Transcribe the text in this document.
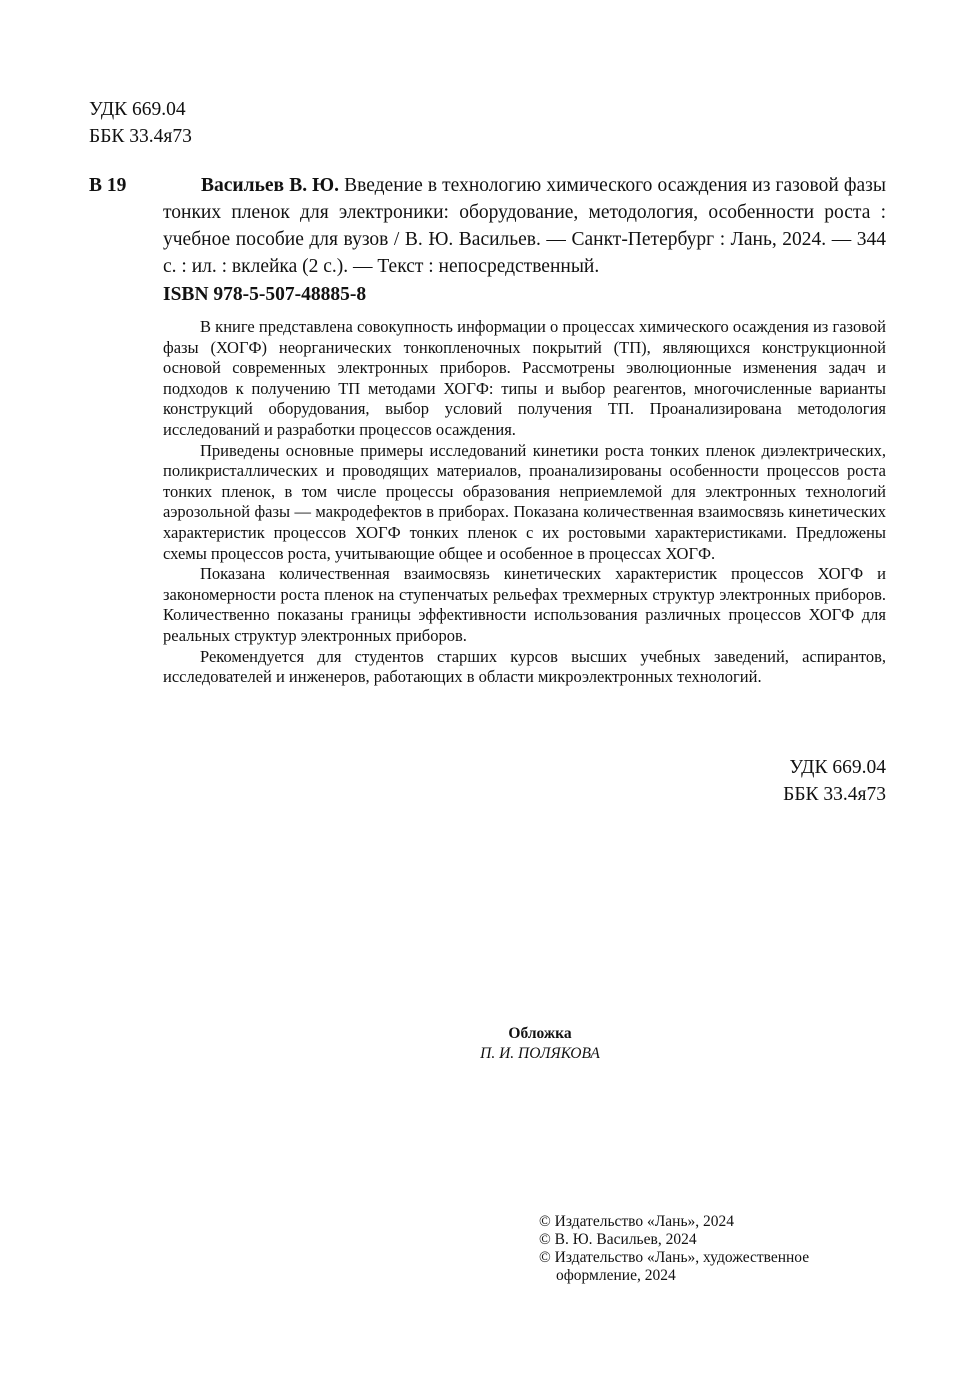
УДК 669.04
ББК 33.4я73
В 19	Васильев В. Ю. Введение в технологию химического осаждения из газовой фазы тонких пленок для электроники: оборудование, методология, особенности роста : учебное пособие для вузов / В. Ю. Васильев. — Санкт-Петербург : Лань, 2024. — 344 с. : ил. : вклейка (2 с.). — Текст : непосредственный.
ISBN 978-5-507-48885-8

В книге представлена совокупность информации о процессах химического осаждения из газовой фазы (ХОГФ) неорганических тонкопленочных покрытий (ТП), являющихся конструкционной основой современных электронных приборов. Рассмотрены эволюционные изменения задач и подходов к получению ТП методами ХОГФ: типы и выбор реагентов, многочисленные варианты конструкций оборудования, выбор условий получения ТП. Проанализирована методология исследований и разработки процессов осаждения.

Приведены основные примеры исследований кинетики роста тонких пленок диэлектрических, поликристаллических и проводящих материалов, проанализированы особенности процессов роста тонких пленок, в том числе процессы образования неприемлемой для электронных технологий аэрозольной фазы — макродефектов в приборах. Показана количественная взаимосвязь кинетических характеристик процессов ХОГФ тонких пленок с их ростовыми характеристиками. Предложены схемы процессов роста, учитывающие общее и особенное в процессах ХОГФ.

Показана количественная взаимосвязь кинетических характеристик процессов ХОГФ и закономерности роста пленок на ступенчатых рельефах трехмерных структур электронных приборов. Количественно показаны границы эффективности использования различных процессов ХОГФ для реальных структур электронных приборов.

Рекомендуется для студентов старших курсов высших учебных заведений, аспирантов, исследователей и инженеров, работающих в области микроэлектронных технологий.

УДК 669.04
ББК 33.4я73
Обложка
П. И. ПОЛЯКОВА
© Издательство «Лань», 2024
© В. Ю. Васильев, 2024
© Издательство «Лань», художественное
оформление, 2024
